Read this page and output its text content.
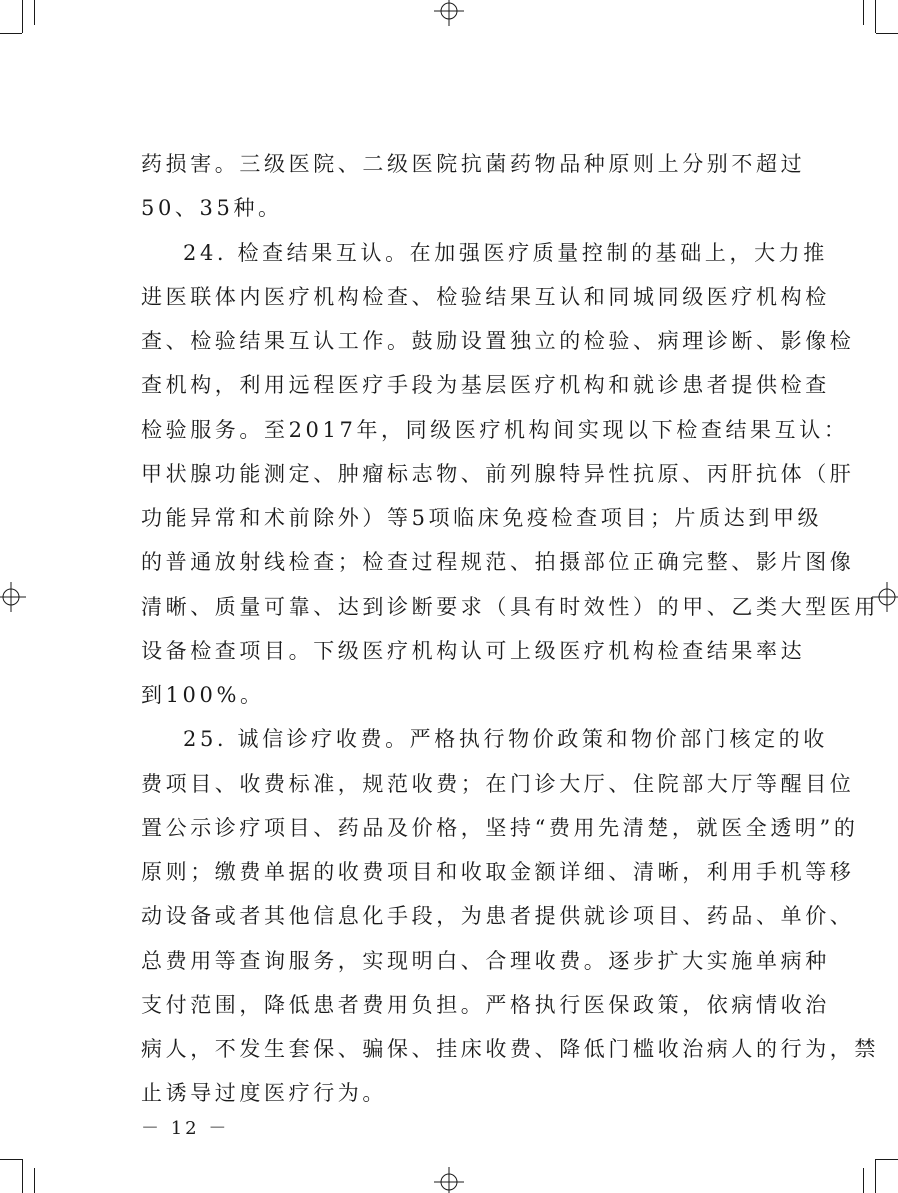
药损害。三级医院、二级医院抗菌药物品种原则上分别不超过
50、35种。
24. 检查结果互认。在加强医疗质量控制的基础上，大力推
进医联体内医疗机构检查、检验结果互认和同城同级医疗机构检
查、检验结果互认工作。鼓励设置独立的检验、病理诊断、影像检
查机构，利用远程医疗手段为基层医疗机构和就诊患者提供检查
检验服务。至2017年，同级医疗机构间实现以下检查结果互认：
甲状腺功能测定、肿瘤标志物、前列腺特异性抗原、丙肝抗体（肝
功能异常和术前除外）等5项临床免疫检查项目；片质达到甲级
的普通放射线检查；检查过程规范、拍摄部位正确完整、影片图像
清晰、质量可靠、达到诊断要求（具有时效性）的甲、乙类大型医用
设备检查项目。下级医疗机构认可上级医疗机构检查结果率达
到100%。
25. 诚信诊疗收费。严格执行物价政策和物价部门核定的收
费项目、收费标准，规范收费；在门诊大厅、住院部大厅等醒目位
置公示诊疗项目、药品及价格，坚持“费用先清楚，就医全透明”的
原则；缴费单据的收费项目和收取金额详细、清晰，利用手机等移
动设备或者其他信息化手段，为患者提供就诊项目、药品、单价、
总费用等查询服务，实现明白、合理收费。逐步扩大实施单病种
支付范围，降低患者费用负担。严格执行医保政策，依病情收治
病人，不发生套保、骗保、挂床收费、降低门槛收治病人的行为，禁
止诱导过度医疗行为。
－ 12 －
